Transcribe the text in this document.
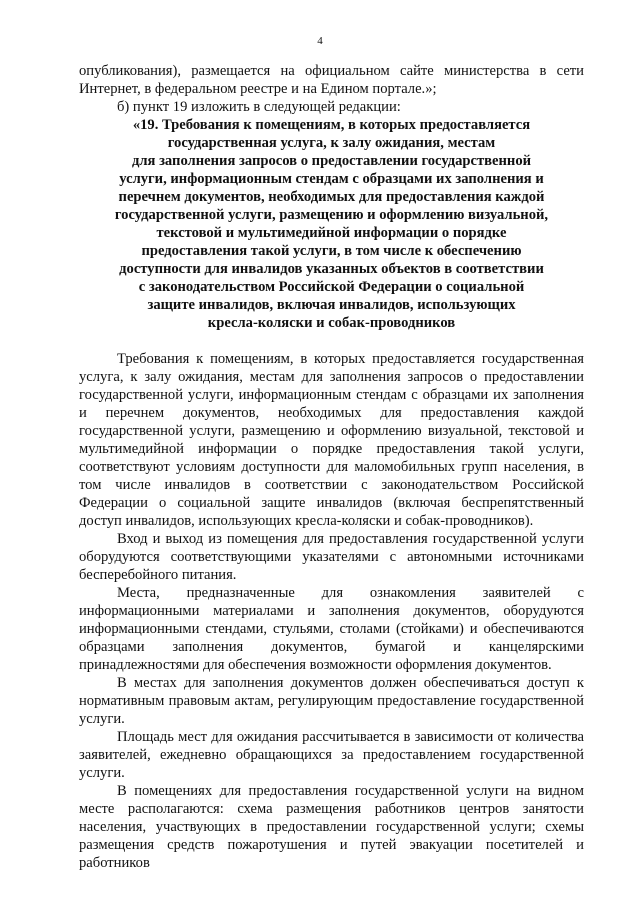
4

опубликования), размещается на официальном сайте министерства в сети Интернет, в федеральном реестре и на Едином портале.»;

б) пункт 19 изложить в следующей редакции:

«19. Требования к помещениям, в которых предоставляется

государственная услуга, к залу ожидания, местам

для заполнения запросов о предоставлении государственной

услуги, информационным стендам с образцами их заполнения и

перечнем документов, необходимых для предоставления каждой

государственной услуги, размещению и оформлению визуальной,

текстовой и мультимедийной информации о порядке

предоставления такой услуги, в том числе к обеспечению

доступности для инвалидов указанных объектов в соответствии

с законодательством Российской Федерации о социальной

защите инвалидов, включая инвалидов, использующих

кресла-коляски и собак-проводников

Требования к помещениям, в которых предоставляется государственная услуга, к залу ожидания, местам для заполнения запросов о предоставлении государственной услуги, информационным стендам с образцами их заполнения и перечнем документов, необходимых для предоставления каждой государственной услуги, размещению и оформлению визуальной, текстовой и мультимедийной информации о порядке предоставления такой услуги, соответствуют условиям доступности для маломобильных групп населения, в том числе инвалидов в соответствии с законодательством Российской Федерации о социальной защите инвалидов (включая беспрепятственный доступ инвалидов, использующих кресла-коляски и собак-проводников).

Вход и выход из помещения для предоставления государственной услуги оборудуются соответствующими указателями с автономными источниками бесперебойного питания.

Места, предназначенные для ознакомления заявителей с информационными материалами и заполнения документов, оборудуются информационными стендами, стульями, столами (стойками) и обеспечиваются образцами заполнения документов, бумагой и канцелярскими принадлежностями для обеспечения возможности оформления документов.

В местах для заполнения документов должен обеспечиваться доступ к нормативным правовым актам, регулирующим предоставление государственной услуги.

Площадь мест для ожидания рассчитывается в зависимости от количества заявителей, ежедневно обращающихся за предоставлением государственной услуги.

В помещениях для предоставления государственной услуги на видном месте располагаются: схема размещения работников центров занятости населения, участвующих в предоставлении государственной услуги; схемы размещения средств пожаротушения и путей эвакуации посетителей и работников
